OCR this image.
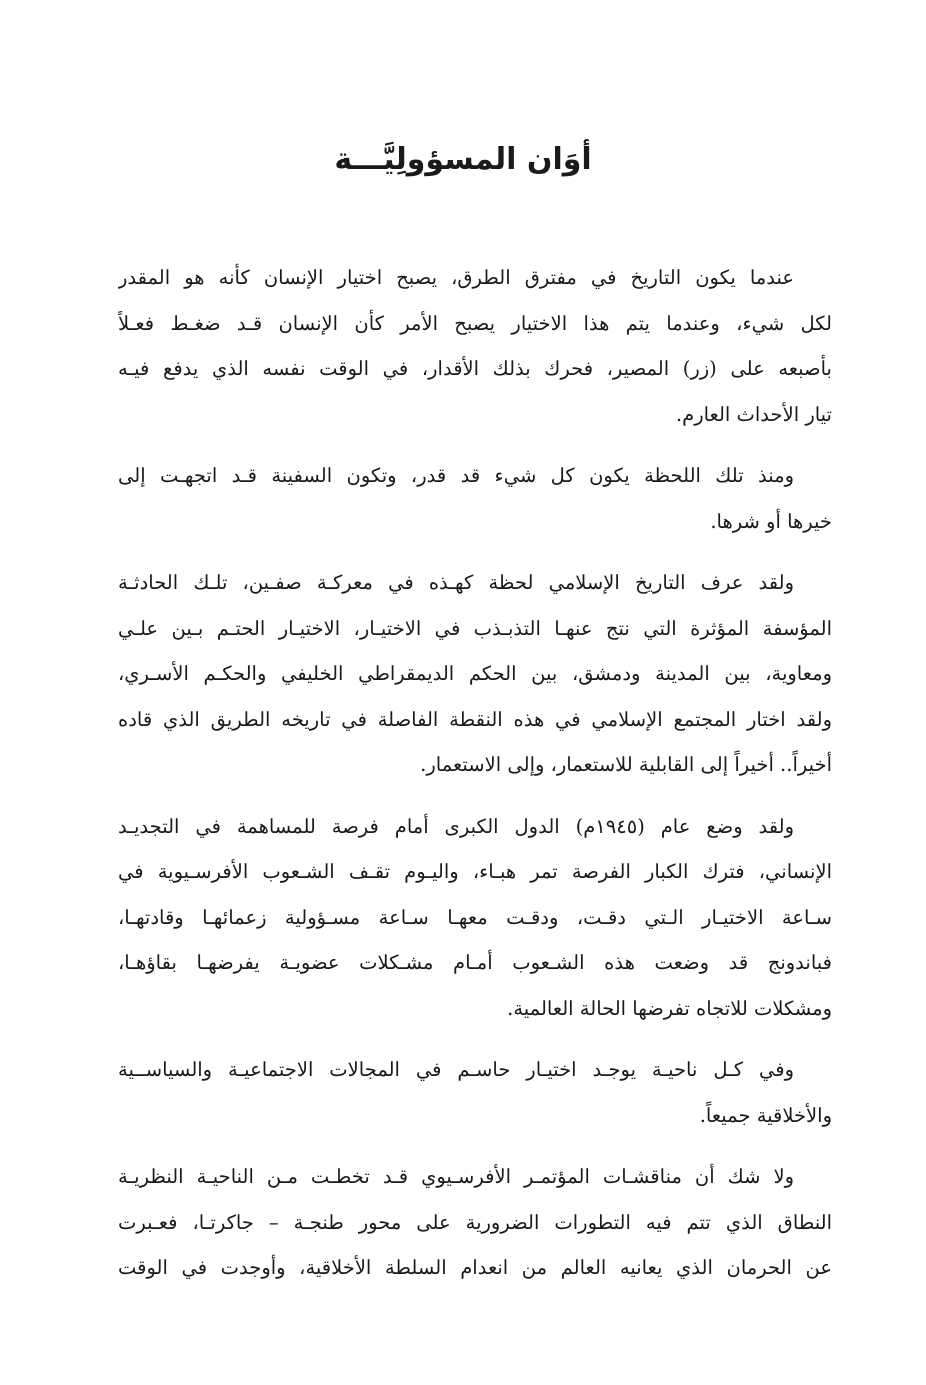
أوَان المسؤولِيَّـــة

عندما يكون التاريخ في مفترق الطرق، يصبح اختيار الإنسان كأنه هو المقدر
لكل شيء، وعندما يتم هذا الاختيار يصبح الأمر كأن الإنسان قـد ضغـط فعـلاً
بأصبعه على (زر) المصير، فحرك بذلك الأقدار، في الوقت نفسه الذي يدفع فيـه
تيار الأحداث العارم.

ومنذ تلك اللحظة يكون كل شيء قد قدر، وتكون السفينة قـد اتجهـت إلى
خيرها أو شرها.

ولقد عرف التاريخ الإسلامي لحظة كهـذه في معركـة صفـين، تلـك الحادثـة
المؤسفة المؤثرة التي نتج عنهـا التذبـذب في الاختيـار، الاختيـار الحتـم بـين علـي
ومعاوية، بين المدينة ودمشق، بين الحكم الديمقراطي الخليفي والحكـم الأسـري،
ولقد اختار المجتمع الإسلامي في هذه النقطة الفاصلة في تاريخه الطريق الذي قاده
أخيراً.. أخيراً إلى القابلية للاستعمار، وإلى الاستعمار.

ولقد وضع عام (١٩٤٥م) الدول الكبرى أمام فرصة للمساهمة في التجديـد
الإنساني، فترك الكبار الفرصة تمر هبـاء، واليـوم تقـف الشـعوب الأفرسـيوية في
سـاعة الاختيـار الـتي دقـت، ودقـت معهـا سـاعة مسـؤولية زعمائهـا وقادتهـا،
فباندونج قد وضعت هذه الشـعوب أمـام مشـكلات عضويـة يفرضهـا بقاؤهـا،
ومشكلات للاتجاه تفرضها الحالة العالمية.

وفي كـل ناحيـة يوجـد اختيـار حاسـم في المجالات الاجتماعيـة والسياســية
والأخلاقية جميعاً.

ولا شك أن مناقشـات المؤتمـر الأفرسـيوي قـد تخطـت مـن الناحيـة النظريـة
النطاق الذي تتم فيه التطورات الضرورية على محور طنجـة – جاكرتـا، فعـبرت
عن الحرمان الذي يعانيه العالم من انعدام السلطة الأخلاقية، وأوجدت في الوقت
